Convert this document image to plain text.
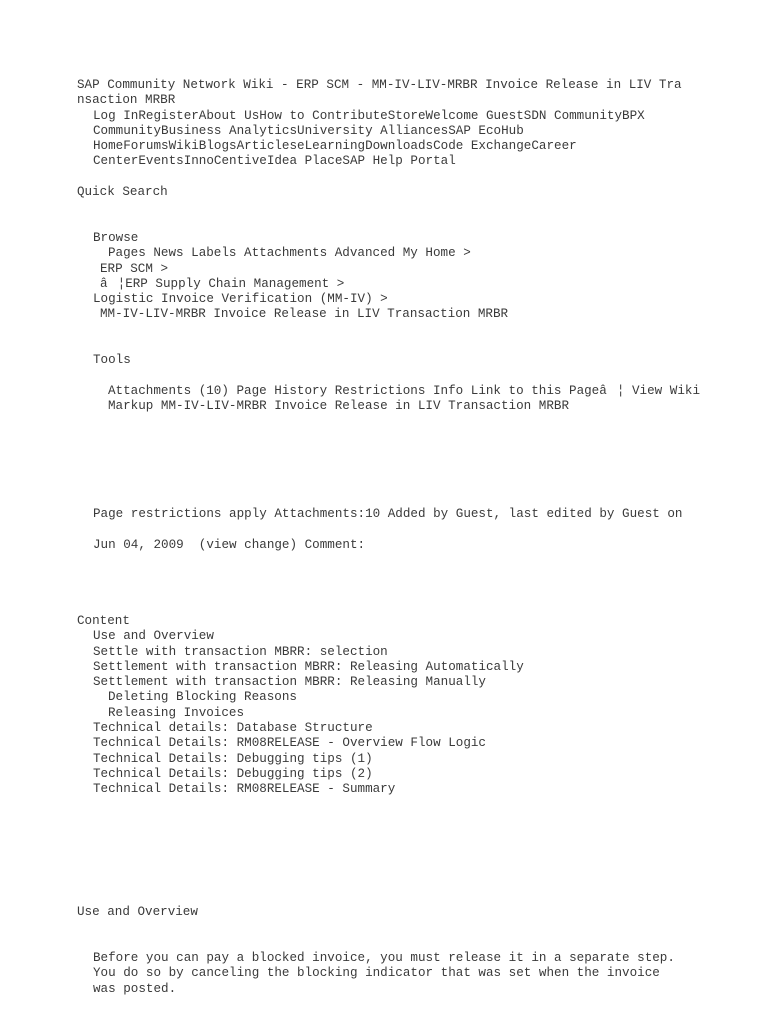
SAP Community Network Wiki - ERP SCM - MM-IV-LIV-MRBR Invoice Release in LIV Tra
nsaction MRBR
Log InRegisterAbout UsHow to ContributeStoreWelcome GuestSDN CommunityBPX
CommunityBusiness AnalyticsUniversity AlliancesSAP EcoHub
HomeForumsWikiBlogsArticleseLearningDownloadsCode ExchangeCareer
CenterEventsInnoCentiveIdea PlaceSAP Help Portal
Quick Search
Browse
Pages News Labels Attachments Advanced My Home >
ERP SCM >
â¦ERP Supply Chain Management >
Logistic Invoice Verification (MM-IV) >
MM-IV-LIV-MRBR Invoice Release in LIV Transaction MRBR
Tools
Attachments (10) Page History Restrictions Info Link to this Pageâ¦ View Wiki
Markup MM-IV-LIV-MRBR Invoice Release in LIV Transaction MRBR
Page restrictions apply Attachments:10 Added by Guest, last edited by Guest on
Jun 04, 2009  (view change) Comment:
Content
Use and Overview
Settle with transaction MBRR: selection
Settlement with transaction MBRR: Releasing Automatically
Settlement with transaction MBRR: Releasing Manually
Deleting Blocking Reasons
Releasing Invoices
Technical details: Database Structure
Technical Details: RM08RELEASE - Overview Flow Logic
Technical Details: Debugging tips (1)
Technical Details: Debugging tips (2)
Technical Details: RM08RELEASE - Summary
Use and Overview
Before you can pay a blocked invoice, you must release it in a separate step.
You do so by canceling the blocking indicator that was set when the invoice
was posted.
